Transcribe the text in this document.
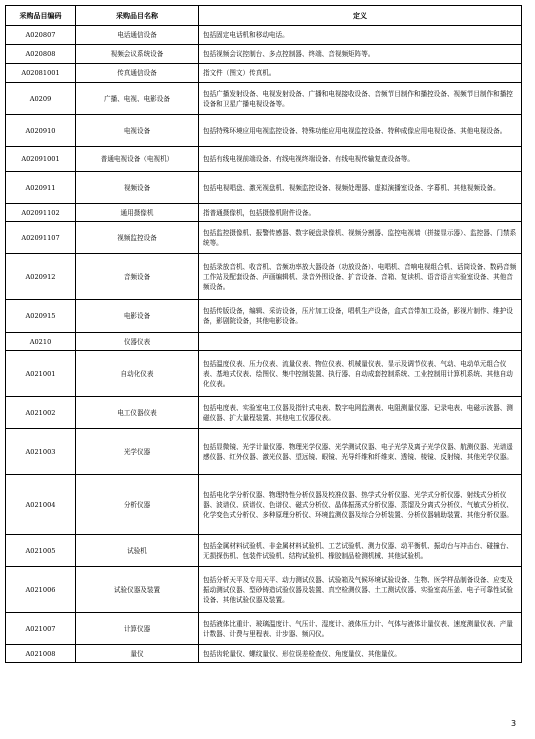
采购品目编码	采购品目名称	定义
A020807	电话通信设备	包括固定电话机和移动电话。
A020808	视频会议系统设备	包括视频会议控制台、多点控制器、终端、音视频矩阵等。
A02081001	传真通信设备	指文件（图文）传真机。
A0209	广播、电视、电影设备	包括广播发射设备、电视发射设备、广播和电视接收设备、音频节目制作和播控设备、视频节目制作和播控设备和卫星广播电视设备等。
A020910	电视设备	包括特殊环境应用电视监控设备、特殊功能应用电视监控设备、特种成像应用电视设备、其他电视设备。
A02091001	普通电视设备（电视机）	包括有线电视前端设备、有线电视终端设备、有线电视传输复查设备等。
A020911	视频设备	包括电视唱盘、激光视盘机、视频监控设备、视频处理器、虚拟演播室设备、字幕机、其他视频设备。
A02091102	通用摄像机	指普通摄像机，包括摄像机附件设备。
A02091107	视频监控设备	包括监控摄像机、报警传感器、数字硬盘录像机、视频分割器、监控电视墙（拼接显示器）、监控器、门禁系统等。
A020912	音频设备	包括录放音机、收音机、音频功率放大器设备（功放设备）、电唱机、音响电视组合机、话筒设备、数码音频工作站及配套设备、声画编辑机、录音外围设备、扩音设备、音箱、复读机、语音语言实验室设备、其他音频设备。
A020915	电影设备	包括传版设备，编辑、采访设备，压片加工设备，唱机生产设备，盒式音带加工设备，影视片制作、维护设备，影剧院设备，其他电影设备。
A0210	仪器仪表	
A021001	自动化仪表	包括温度仪表、压力仪表、流量仪表、物位仪表、机械量仪表、显示及调节仪表、气动、电动单元组合仪表、基地式仪表、绘图仪、集中控制装置、执行器、自动成套控制系统、工业控制用计算机系统、其他自动化仪表。
A021002	电工仪器仪表	包括电度表、实验室电工仪器及指针式电表、数字电网监测表、电阻测量仪器、记录电表、电磁示波器、测磁仪器、扩大量程装置、其他电工仪器仪表。
A021003	光学仪器	包括显微镜、光学计量仪器、物理光学仪器、光学测试仪器、电子光学及离子光学仪器、航测仪器、光谱遥感仪器、红外仪器、激光仪器、望远镜、眼镜、光导纤维和纤维束、透镜、棱镜、反射镜、其他光学仪器。
A021004	分析仪器	包括电化学分析仪器、物理特性分析仪器及校准仪器、热学式分析仪器、光学式分析仪器、射线式分析仪器、波谱仪、质谱仪、色谱仪、磁式分析仪、晶体振荡式分析仪器、蒸馏及分离式分析仪、气敏式分析仪、化学变色式分析仪、多种原理分析仪、环境监测仪器及综合分析装置、分析仪器辅助装置、其他分析仪器。
A021005	试验机	包括金属材料试验机、非金属材料试验机、工艺试验机、测力仪器、动平衡机、振动台与冲击台、碰撞台、无损探伤机、包装件试验机、结构试验机、橡胶制品检测机械、其他试验机。
A021006	试验仪器及装置	包括分析天平及专用天平、动力测试仪器、试验箱及气候环境试验设备、生物、医学样品制备设备、应变及振动测试仪器、型砂铸造试验仪器及装置、真空检测仪器、土工测试仪器、实验室高压釜、电子可靠性试验设备、其他试验仪器及装置。
A021007	计算仪器	包括液体比重计、玻璃温度计、气压计、湿度计、液体压力计、气体与液体计量仪表、速度测量仪表、产量计数器、计费与里程表、计步器、频闪仪。
A021008	量仪	包括齿轮量仪、螺纹量仪、形位误差检查仪、角度量仪、其他量仪。
3
